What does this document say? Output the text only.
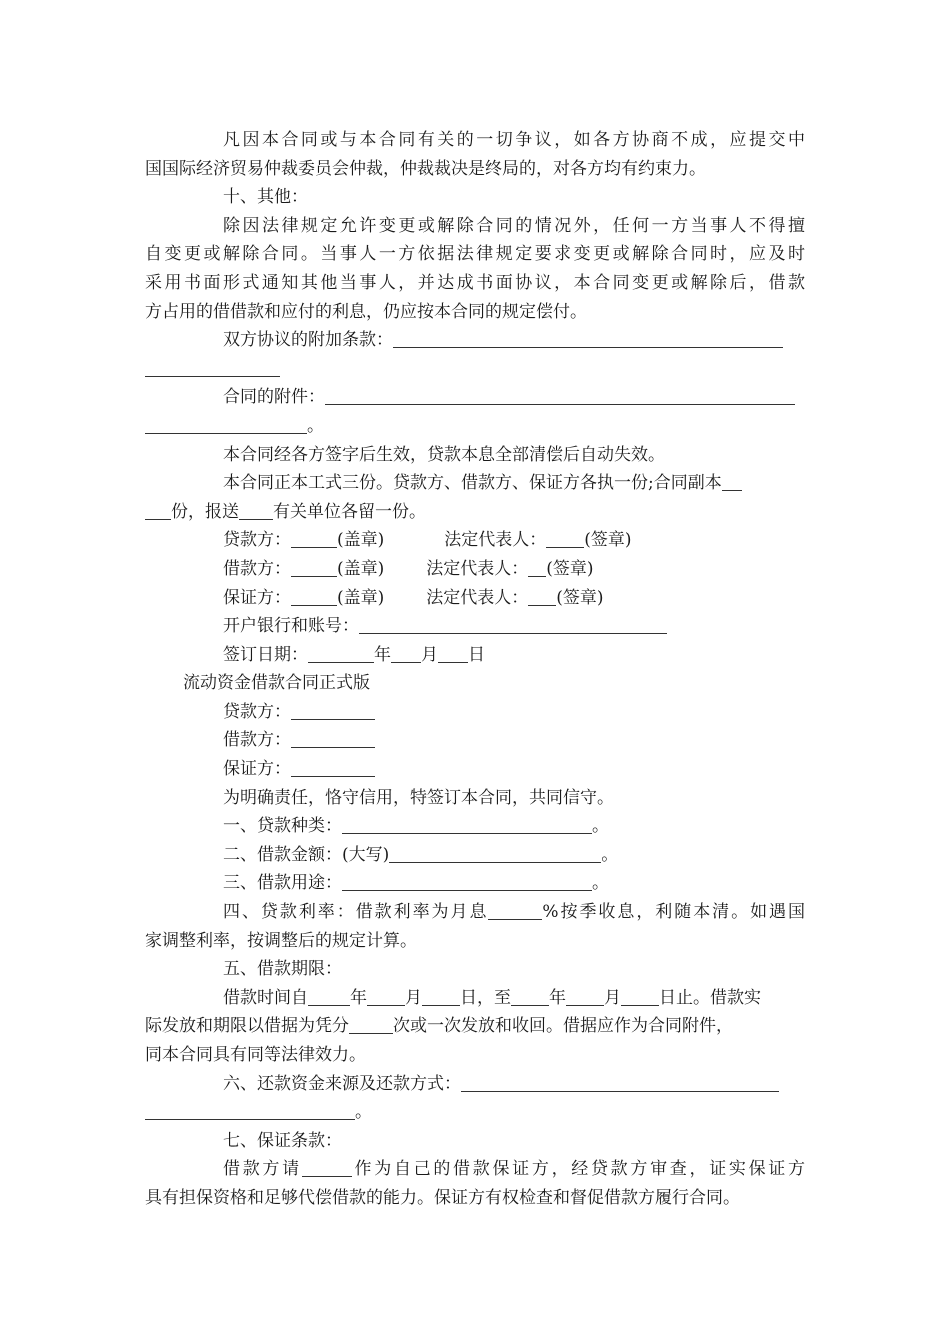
凡因本合同或与本合同有关的一切争议，如各方协商不成，应提交中
国国际经济贸易仲裁委员会仲裁，仲裁裁决是终局的，对各方均有约束力。
十、其他：
除因法律规定允许变更或解除合同的情况外，任何一方当事人不得擅
自变更或解除合同。当事人一方依据法律规定要求变更或解除合同时，应及时
采用书面形式通知其他当事人，并达成书面协议，本合同变更或解除后，借款
方占用的借借款和应付的利息，仍应按本合同的规定偿付。
双方协议的附加条款：
合同的附件：
。
本合同经各方签字后生效，贷款本息全部清偿后自动失效。
本合同正本工式三份。贷款方、借款方、保证方各执一份;合同副本
份，报送 有关单位各留一份。
贷款方：	(盖章)	法定代表人： (签章)
借款方：	(盖章) 法定代表人： (签章)
保证方：	(盖章) 法定代表人： (签章)
开户银行和账号：
签订日期：	年 月 日
流动资金借款合同正式版
贷款方：
借款方：
保证方：
为明确责任，恪守信用，特签订本合同，共同信守。
一、贷款种类：	。
二、借款金额：(大写)	。
三、借款用途：	。
四、贷款利率：借款利率为月息	%按季收息，利随本清。如遇国
家调整利率，按调整后的规定计算。
五、借款期限：
借款时间自 年 月 日，至 年 月 日止。借款实
际发放和期限以借据为凭分	次或一次发放和收回。借据应作为合同附件，
同本合同具有同等法律效力。
六、还款资金来源及还款方式：
。
七、保证条款：
借款方请	作为自己的借款保证方，经贷款方审查，证实保证方
具有担保资格和足够代偿借款的能力。保证方有权检查和督促借款方履行合同。
